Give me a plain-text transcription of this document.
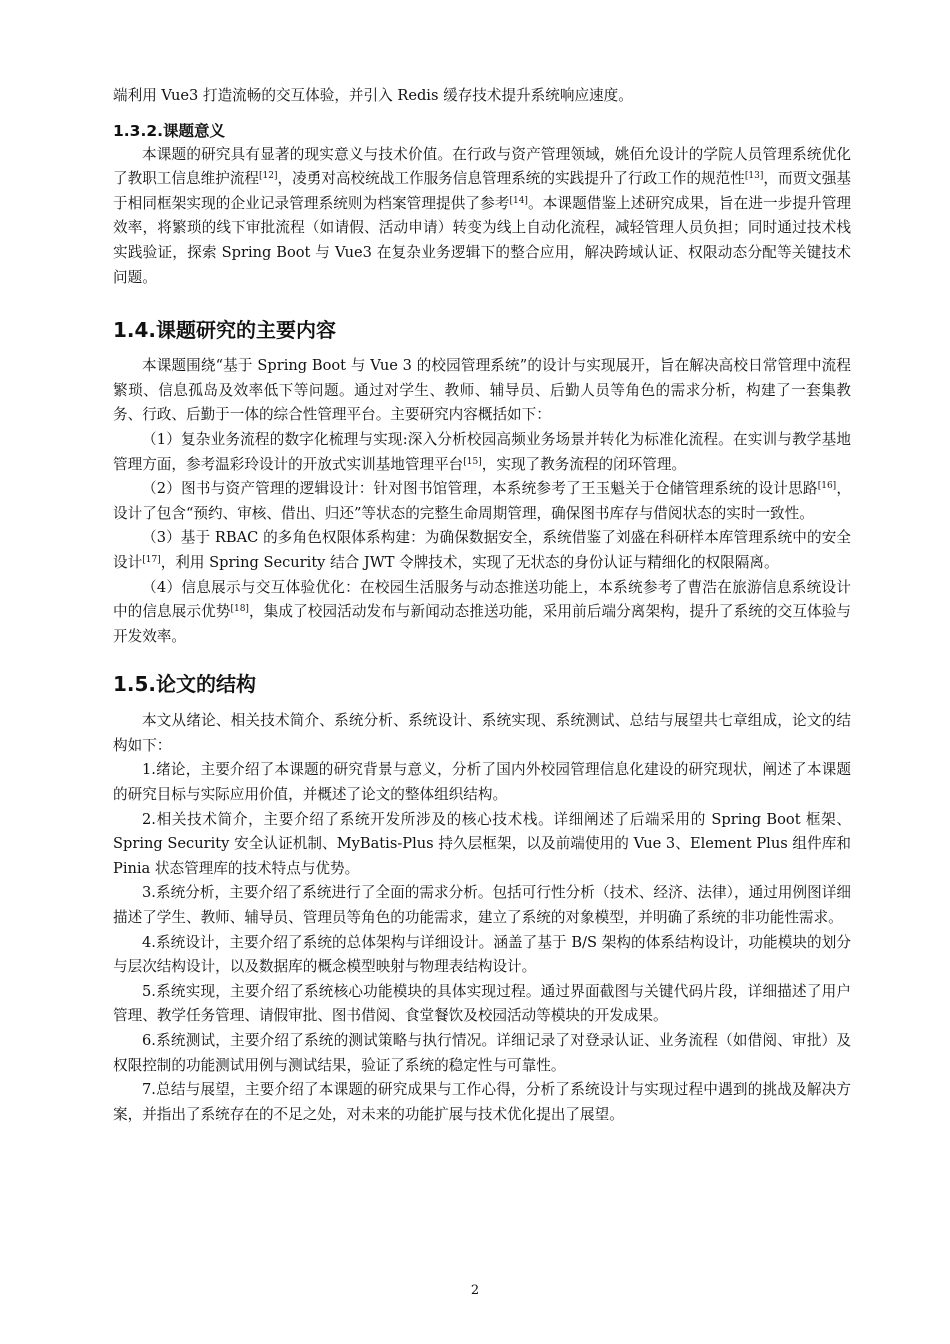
端利用 Vue3 打造流畅的交互体验，并引入 Redis 缓存技术提升系统响应速度。

1.3.2.课题意义

本课题的研究具有显著的现实意义与技术价值。在行政与资产管理领域，姚佰允设计的学院人员管理系统优化了教职工信息维护流程[12]，凌勇对高校统战工作服务信息管理系统的实践提升了行政工作的规范性[13]，而贾文强基于相同框架实现的企业记录管理系统则为档案管理提供了参考[14]。本课题借鉴上述研究成果，旨在进一步提升管理效率，将繁琐的线下审批流程（如请假、活动申请）转变为线上自动化流程，减轻管理人员负担；同时通过技术栈实践验证，探索 Spring Boot 与 Vue3 在复杂业务逻辑下的整合应用，解决跨域认证、权限动态分配等关键技术问题。

1.4.课题研究的主要内容

本课题围绕“基于 Spring Boot 与 Vue 3 的校园管理系统”的设计与实现展开，旨在解决高校日常管理中流程繁琐、信息孤岛及效率低下等问题。通过对学生、教师、辅导员、后勤人员等角色的需求分析，构建了一套集教务、行政、后勤于一体的综合性管理平台。主要研究内容概括如下：

（1）复杂业务流程的数字化梳理与实现:深入分析校园高频业务场景并转化为标准化流程。在实训与教学基地管理方面，参考温彩玲设计的开放式实训基地管理平台[15]，实现了教务流程的闭环管理。

（2）图书与资产管理的逻辑设计：针对图书馆管理，本系统参考了王玉魁关于仓储管理系统的设计思路[16]，设计了包含“预约、审核、借出、归还”等状态的完整生命周期管理，确保图书库存与借阅状态的实时一致性。

（3）基于 RBAC 的多角色权限体系构建：为确保数据安全，系统借鉴了刘盛在科研样本库管理系统中的安全设计[17]，利用 Spring Security 结合 JWT 令牌技术，实现了无状态的身份认证与精细化的权限隔离。

（4）信息展示与交互体验优化：在校园生活服务与动态推送功能上，本系统参考了曹浩在旅游信息系统设计中的信息展示优势[18]，集成了校园活动发布与新闻动态推送功能，采用前后端分离架构，提升了系统的交互体验与开发效率。

1.5.论文的结构

本文从绪论、相关技术简介、系统分析、系统设计、系统实现、系统测试、总结与展望共七章组成，论文的结构如下：

1.绪论，主要介绍了本课题的研究背景与意义，分析了国内外校园管理信息化建设的研究现状，阐述了本课题的研究目标与实际应用价值，并概述了论文的整体组织结构。

2.相关技术简介，主要介绍了系统开发所涉及的核心技术栈。详细阐述了后端采用的 Spring Boot 框架、Spring Security 安全认证机制、MyBatis-Plus 持久层框架，以及前端使用的 Vue 3、Element Plus 组件库和 Pinia 状态管理库的技术特点与优势。

3.系统分析，主要介绍了系统进行了全面的需求分析。包括可行性分析（技术、经济、法律），通过用例图详细描述了学生、教师、辅导员、管理员等角色的功能需求，建立了系统的对象模型，并明确了系统的非功能性需求。

4.系统设计，主要介绍了系统的总体架构与详细设计。涵盖了基于 B/S 架构的体系结构设计，功能模块的划分与层次结构设计，以及数据库的概念模型映射与物理表结构设计。

5.系统实现，主要介绍了系统核心功能模块的具体实现过程。通过界面截图与关键代码片段，详细描述了用户管理、教学任务管理、请假审批、图书借阅、食堂餐饮及校园活动等模块的开发成果。

6.系统测试，主要介绍了系统的测试策略与执行情况。详细记录了对登录认证、业务流程（如借阅、审批）及权限控制的功能测试用例与测试结果，验证了系统的稳定性与可靠性。

7.总结与展望，主要介绍了本课题的研究成果与工作心得，分析了系统设计与实现过程中遇到的挑战及解决方案，并指出了系统存在的不足之处，对未来的功能扩展与技术优化提出了展望。

2
